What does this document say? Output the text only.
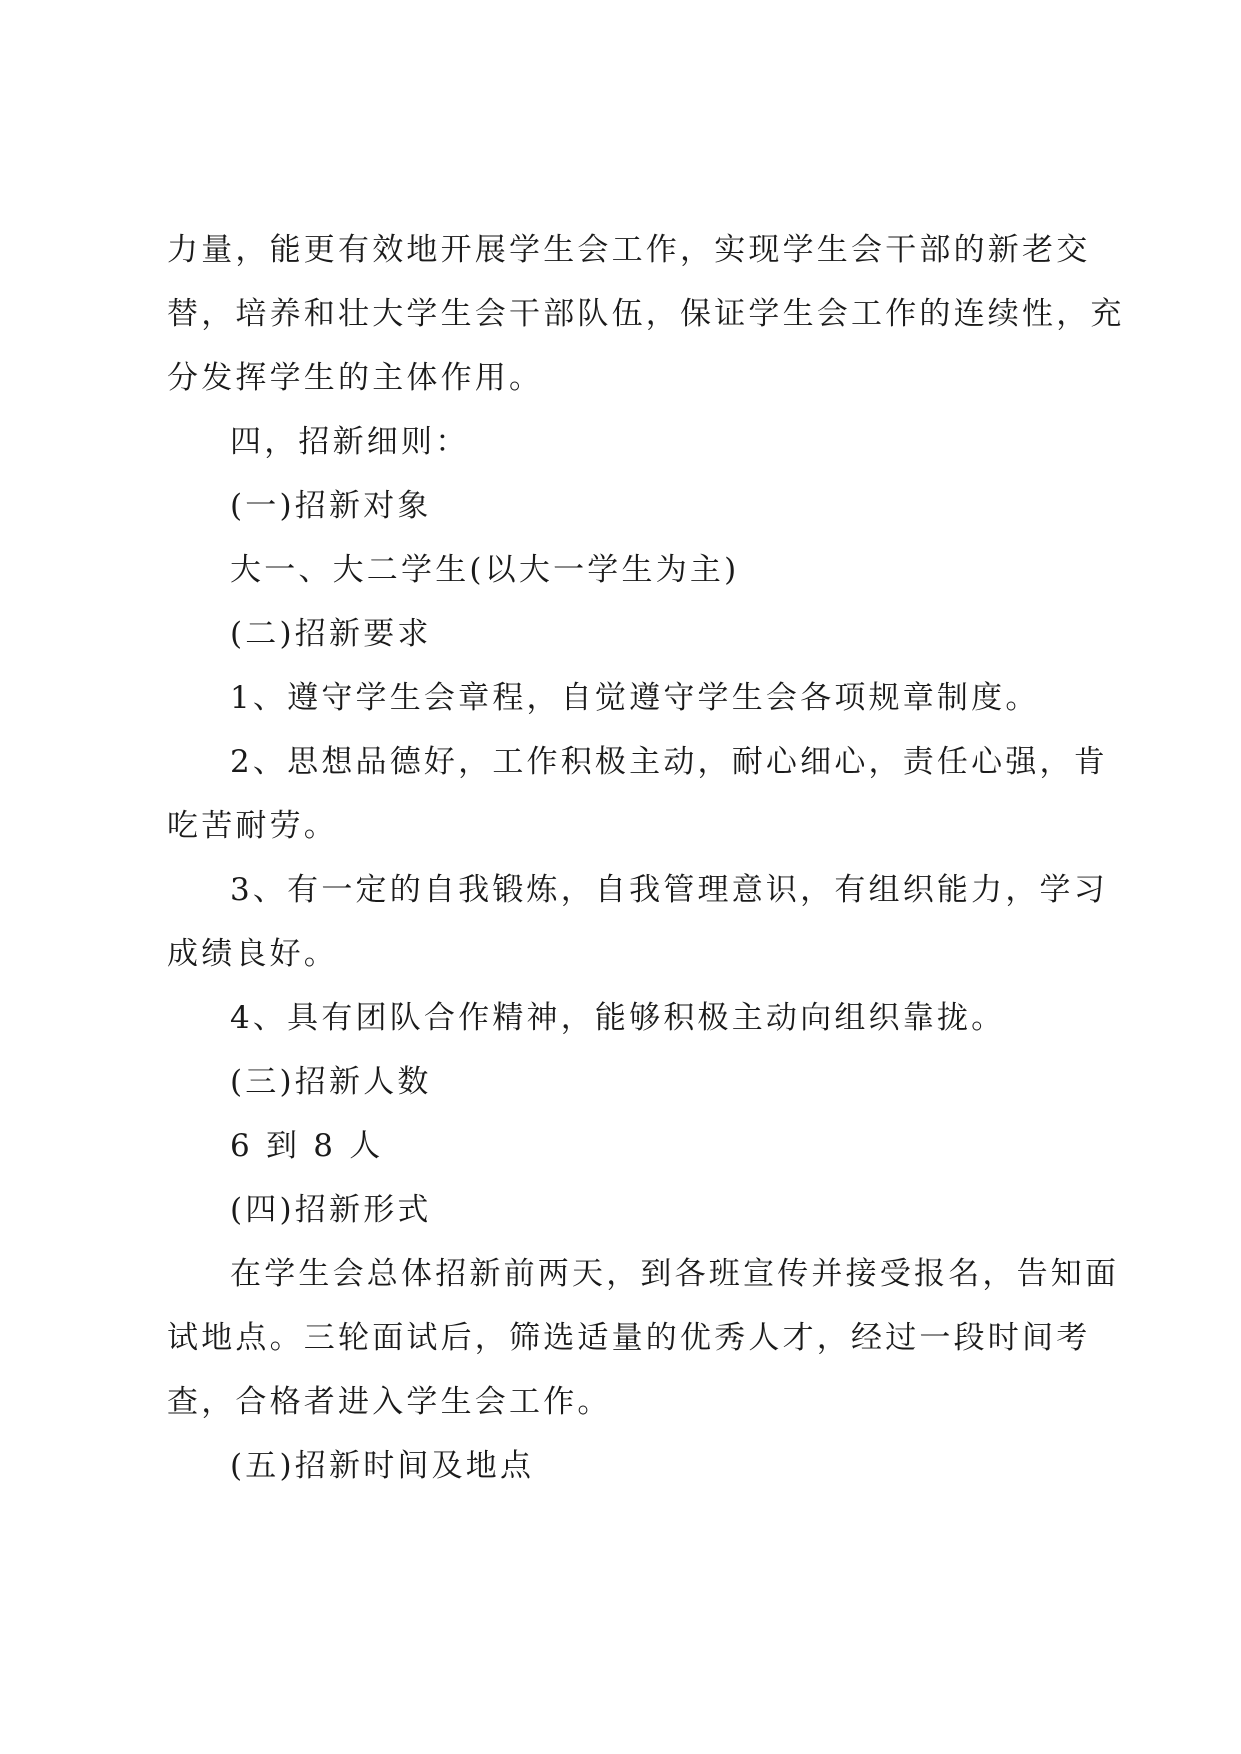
力量，能更有效地开展学生会工作，实现学生会干部的新老交
替，培养和壮大学生会干部队伍，保证学生会工作的连续性，充
分发挥学生的主体作用。
四，招新细则：
(一)招新对象
大一、大二学生(以大一学生为主)
(二)招新要求
1、遵守学生会章程，自觉遵守学生会各项规章制度。
2、思想品德好，工作积极主动，耐心细心，责任心强，肯
吃苦耐劳。
3、有一定的自我锻炼，自我管理意识，有组织能力，学习
成绩良好。
4、具有团队合作精神，能够积极主动向组织靠拢。
(三)招新人数
6 到 8 人
(四)招新形式
在学生会总体招新前两天，到各班宣传并接受报名，告知面
试地点。三轮面试后，筛选适量的优秀人才，经过一段时间考
查，合格者进入学生会工作。
(五)招新时间及地点
